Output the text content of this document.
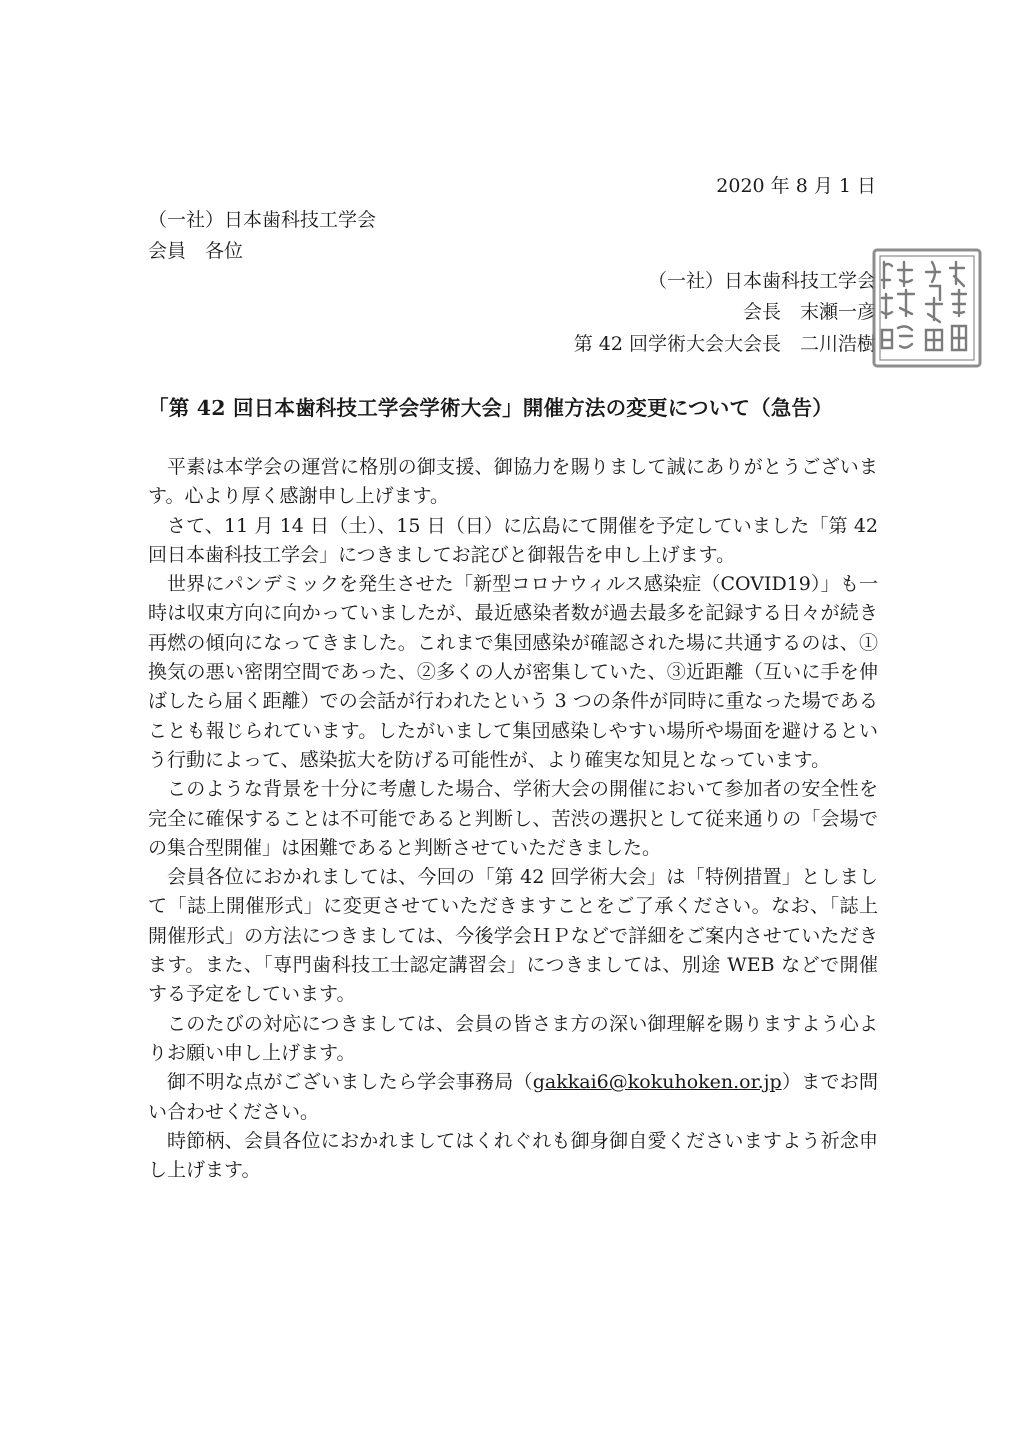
2020 年 8 月 1 日
（一社）日本歯科技工学会
会員　各位
（一社）日本歯科技工学会
会長　末瀬一彦
第 42 回学術大会大会長　二川浩樹
「第 42 回日本歯科技工学会学術大会」開催方法の変更について（急告）

平素は本学会の運営に格別の御支援、御協力を賜りまして誠にありがとうございます。心より厚く感謝申し上げます。

さて、11 月 14 日（土）、15 日（日）に広島にて開催を予定していました「第 42 回日本歯科技工学会」につきましてお詫びと御報告を申し上げます。

世界にパンデミックを発生させた「新型コロナウィルス感染症（COVID19）」も一時は収束方向に向かっていましたが、最近感染者数が過去最多を記録する日々が続き再燃の傾向になってきました。これまで集団感染が確認された場に共通するのは、①換気の悪い密閉空間であった、②多くの人が密集していた、③近距離（互いに手を伸ばしたら届く距離）での会話が行われたという 3 つの条件が同時に重なった場であることも報じられています。したがいまして集団感染しやすい場所や場面を避けるという行動によって、感染拡大を防げる可能性が、より確実な知見となっています。

このような背景を十分に考慮した場合、学術大会の開催において参加者の安全性を完全に確保することは不可能であると判断し、苦渋の選択として従来通りの「会場での集合型開催」は困難であると判断させていただきました。

会員各位におかれましては、今回の「第 42 回学術大会」は「特例措置」としまして「誌上開催形式」に変更させていただきますことをご了承ください。なお、「誌上開催形式」の方法につきましては、今後学会ＨＰなどで詳細をご案内させていただきます。また、「専門歯科技工士認定講習会」につきましては、別途 WEB などで開催する予定をしています。

このたびの対応につきましては、会員の皆さま方の深い御理解を賜りますよう心よりお願い申し上げます。

御不明な点がございましたら学会事務局（gakkai6@kokuhoken.or.jp）までお問い合わせください。

時節柄、会員各位におかれましてはくれぐれも御身御自愛くださいますよう祈念申し上げます。
